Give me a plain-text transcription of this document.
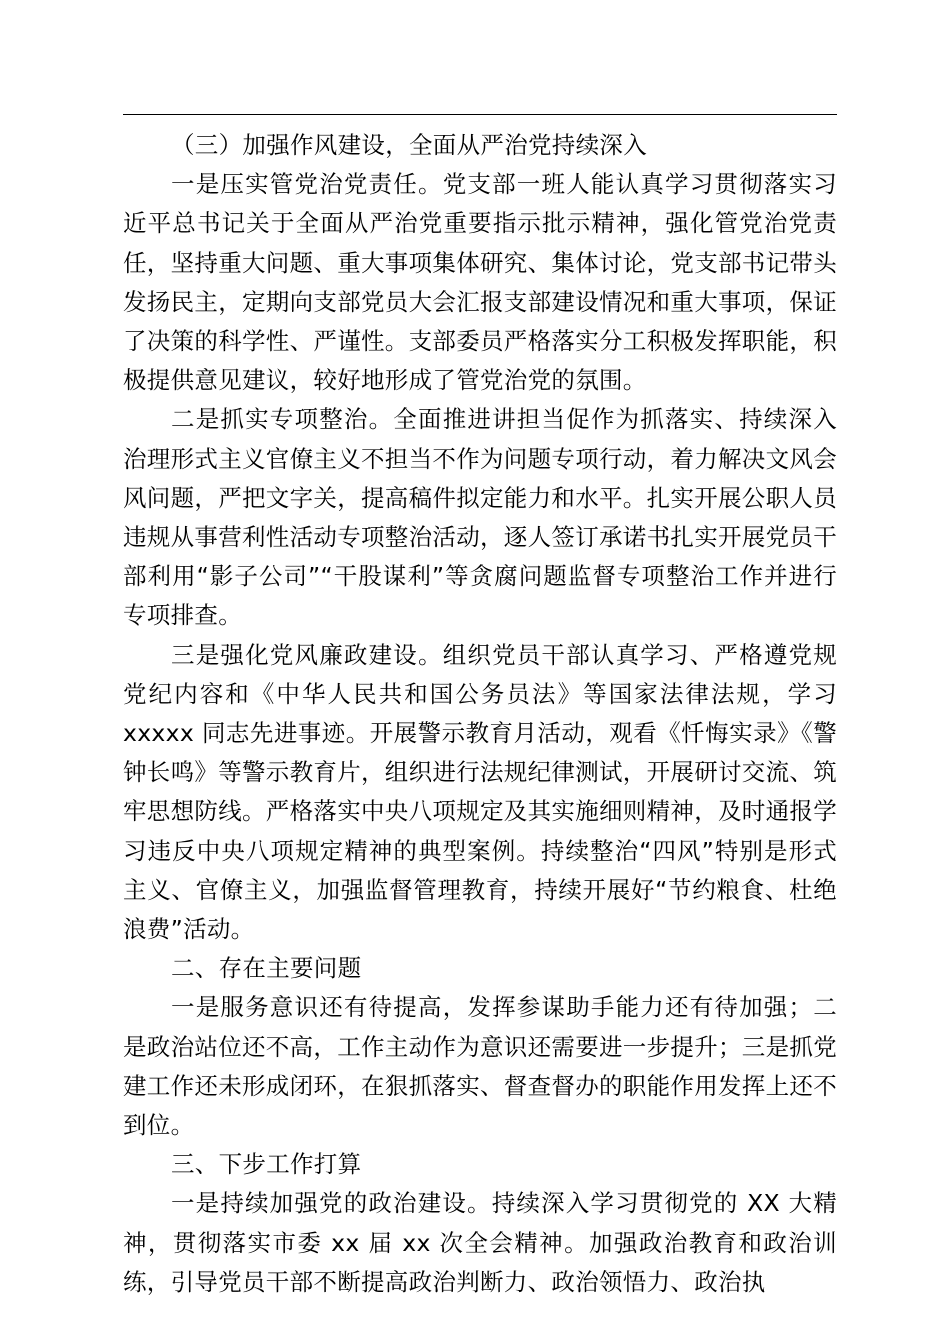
（三）加强作风建设，全面从严治党持续深入

一是压实管党治党责任。党支部一班人能认真学习贯彻落实习近平总书记关于全面从严治党重要指示批示精神，强化管党治党责任，坚持重大问题、重大事项集体研究、集体讨论，党支部书记带头发扬民主，定期向支部党员大会汇报支部建设情况和重大事项，保证了决策的科学性、严谨性。支部委员严格落实分工积极发挥职能，积极提供意见建议，较好地形成了管党治党的氛围。

二是抓实专项整治。全面推进讲担当促作为抓落实、持续深入治理形式主义官僚主义不担当不作为问题专项行动，着力解决文风会风问题，严把文字关，提高稿件拟定能力和水平。扎实开展公职人员违规从事营利性活动专项整治活动，逐人签订承诺书扎实开展党员干部利用“影子公司”“干股谋利”等贪腐问题监督专项整治工作并进行专项排查。

三是强化党风廉政建设。组织党员干部认真学习、严格遵党规党纪内容和《中华人民共和国公务员法》等国家法律法规，学习 xxxxx 同志先进事迹。开展警示教育月活动，观看《忏悔实录》《警钟长鸣》等警示教育片，组织进行法规纪律测试，开展研讨交流、筑牢思想防线。严格落实中央八项规定及其实施细则精神，及时通报学习违反中央八项规定精神的典型案例。持续整治“四风”特别是形式主义、官僚主义，加强监督管理教育，持续开展好“节约粮食、杜绝浪费”活动。

二、存在主要问题

一是服务意识还有待提高，发挥参谋助手能力还有待加强；二是政治站位还不高，工作主动作为意识还需要进一步提升；三是抓党建工作还未形成闭环，在狠抓落实、督查督办的职能作用发挥上还不到位。

三、下步工作打算

一是持续加强党的政治建设。持续深入学习贯彻党的 XX 大精神，贯彻落实市委 xx 届 xx 次全会精神。加强政治教育和政治训练，引导党员干部不断提高政治判断力、政治领悟力、政治执
